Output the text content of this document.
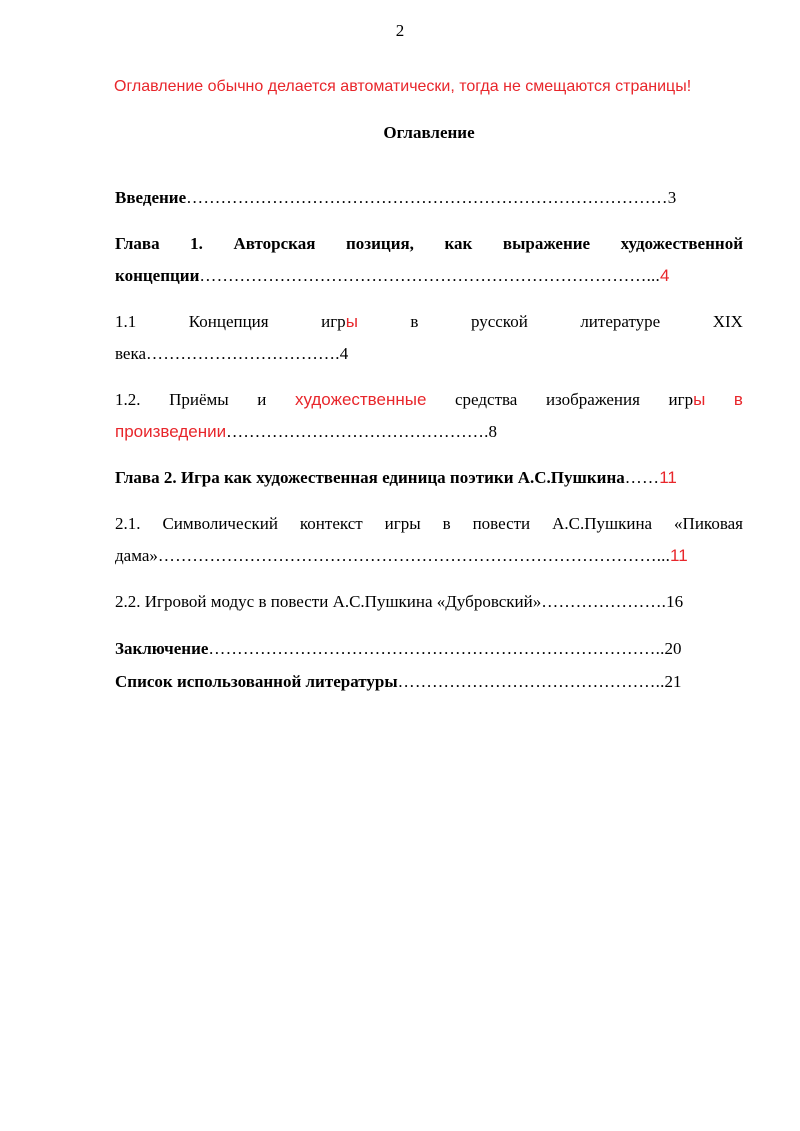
2
Оглавление обычно делается автоматически, тогда не смещаются страницы!
Оглавление
Введение…………………………………………………………………………3
Глава 1. Авторская позиция, как выражение художественной
концепции……………………………………………………………………...4
1.1	Концепция	игры	в	русской	литературе	XIX
века…………………………….4
1.2. Приёмы и художественные средства изображения игры в
произведении……………………………………….8
Глава 2. Игра как художественная единица поэтики А.С.Пушкина……11
2.1. Символический контекст игры в повести А.С.Пушкина «Пиковая
дама»……………………………………………………………………………...11
2.2. Игровой модус в повести А.С.Пушкина «Дубровский»………………….16
Заключение……………………………………………………………………..20
Список использованной литературы………………………………………..21
